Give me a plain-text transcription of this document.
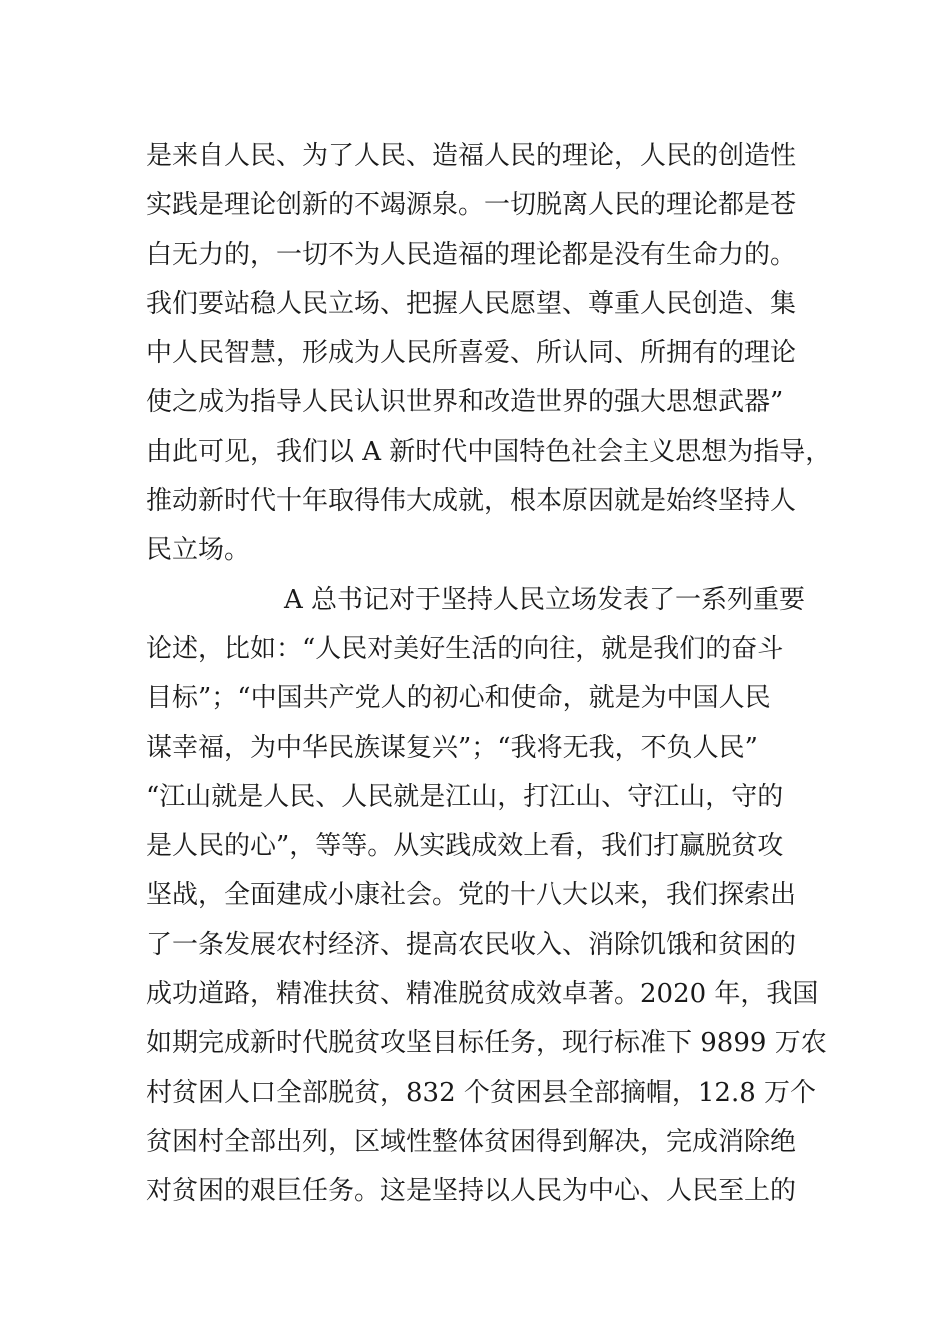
是来自人民、为了人民、造福人民的理论，人民的创造性
实践是理论创新的不竭源泉。一切脱离人民的理论都是苍
白无力的，一切不为人民造福的理论都是没有生命力的。
我们要站稳人民立场、把握人民愿望、尊重人民创造、集
中人民智慧，形成为人民所喜爱、所认同、所拥有的理论
使之成为指导人民认识世界和改造世界的强大思想武器”
由此可见，我们以 A 新时代中国特色社会主义思想为指导，
推动新时代十年取得伟大成就，根本原因就是始终坚持人
民立场。
A 总书记对于坚持人民立场发表了一系列重要
论述，比如：“人民对美好生活的向往，就是我们的奋斗
目标”；“中国共产党人的初心和使命，就是为中国人民
谋幸福，为中华民族谋复兴”；“我将无我，不负人民”
“江山就是人民、人民就是江山，打江山、守江山，守的
是人民的心”，等等。从实践成效上看，我们打赢脱贫攻
坚战，全面建成小康社会。党的十八大以来，我们探索出
了一条发展农村经济、提高农民收入、消除饥饿和贫困的
成功道路，精准扶贫、精准脱贫成效卓著。2020 年，我国
如期完成新时代脱贫攻坚目标任务，现行标准下 9899 万农
村贫困人口全部脱贫，832 个贫困县全部摘帽，12.8 万个
贫困村全部出列，区域性整体贫困得到解决，完成消除绝
对贫困的艰巨任务。这是坚持以人民为中心、人民至上的
